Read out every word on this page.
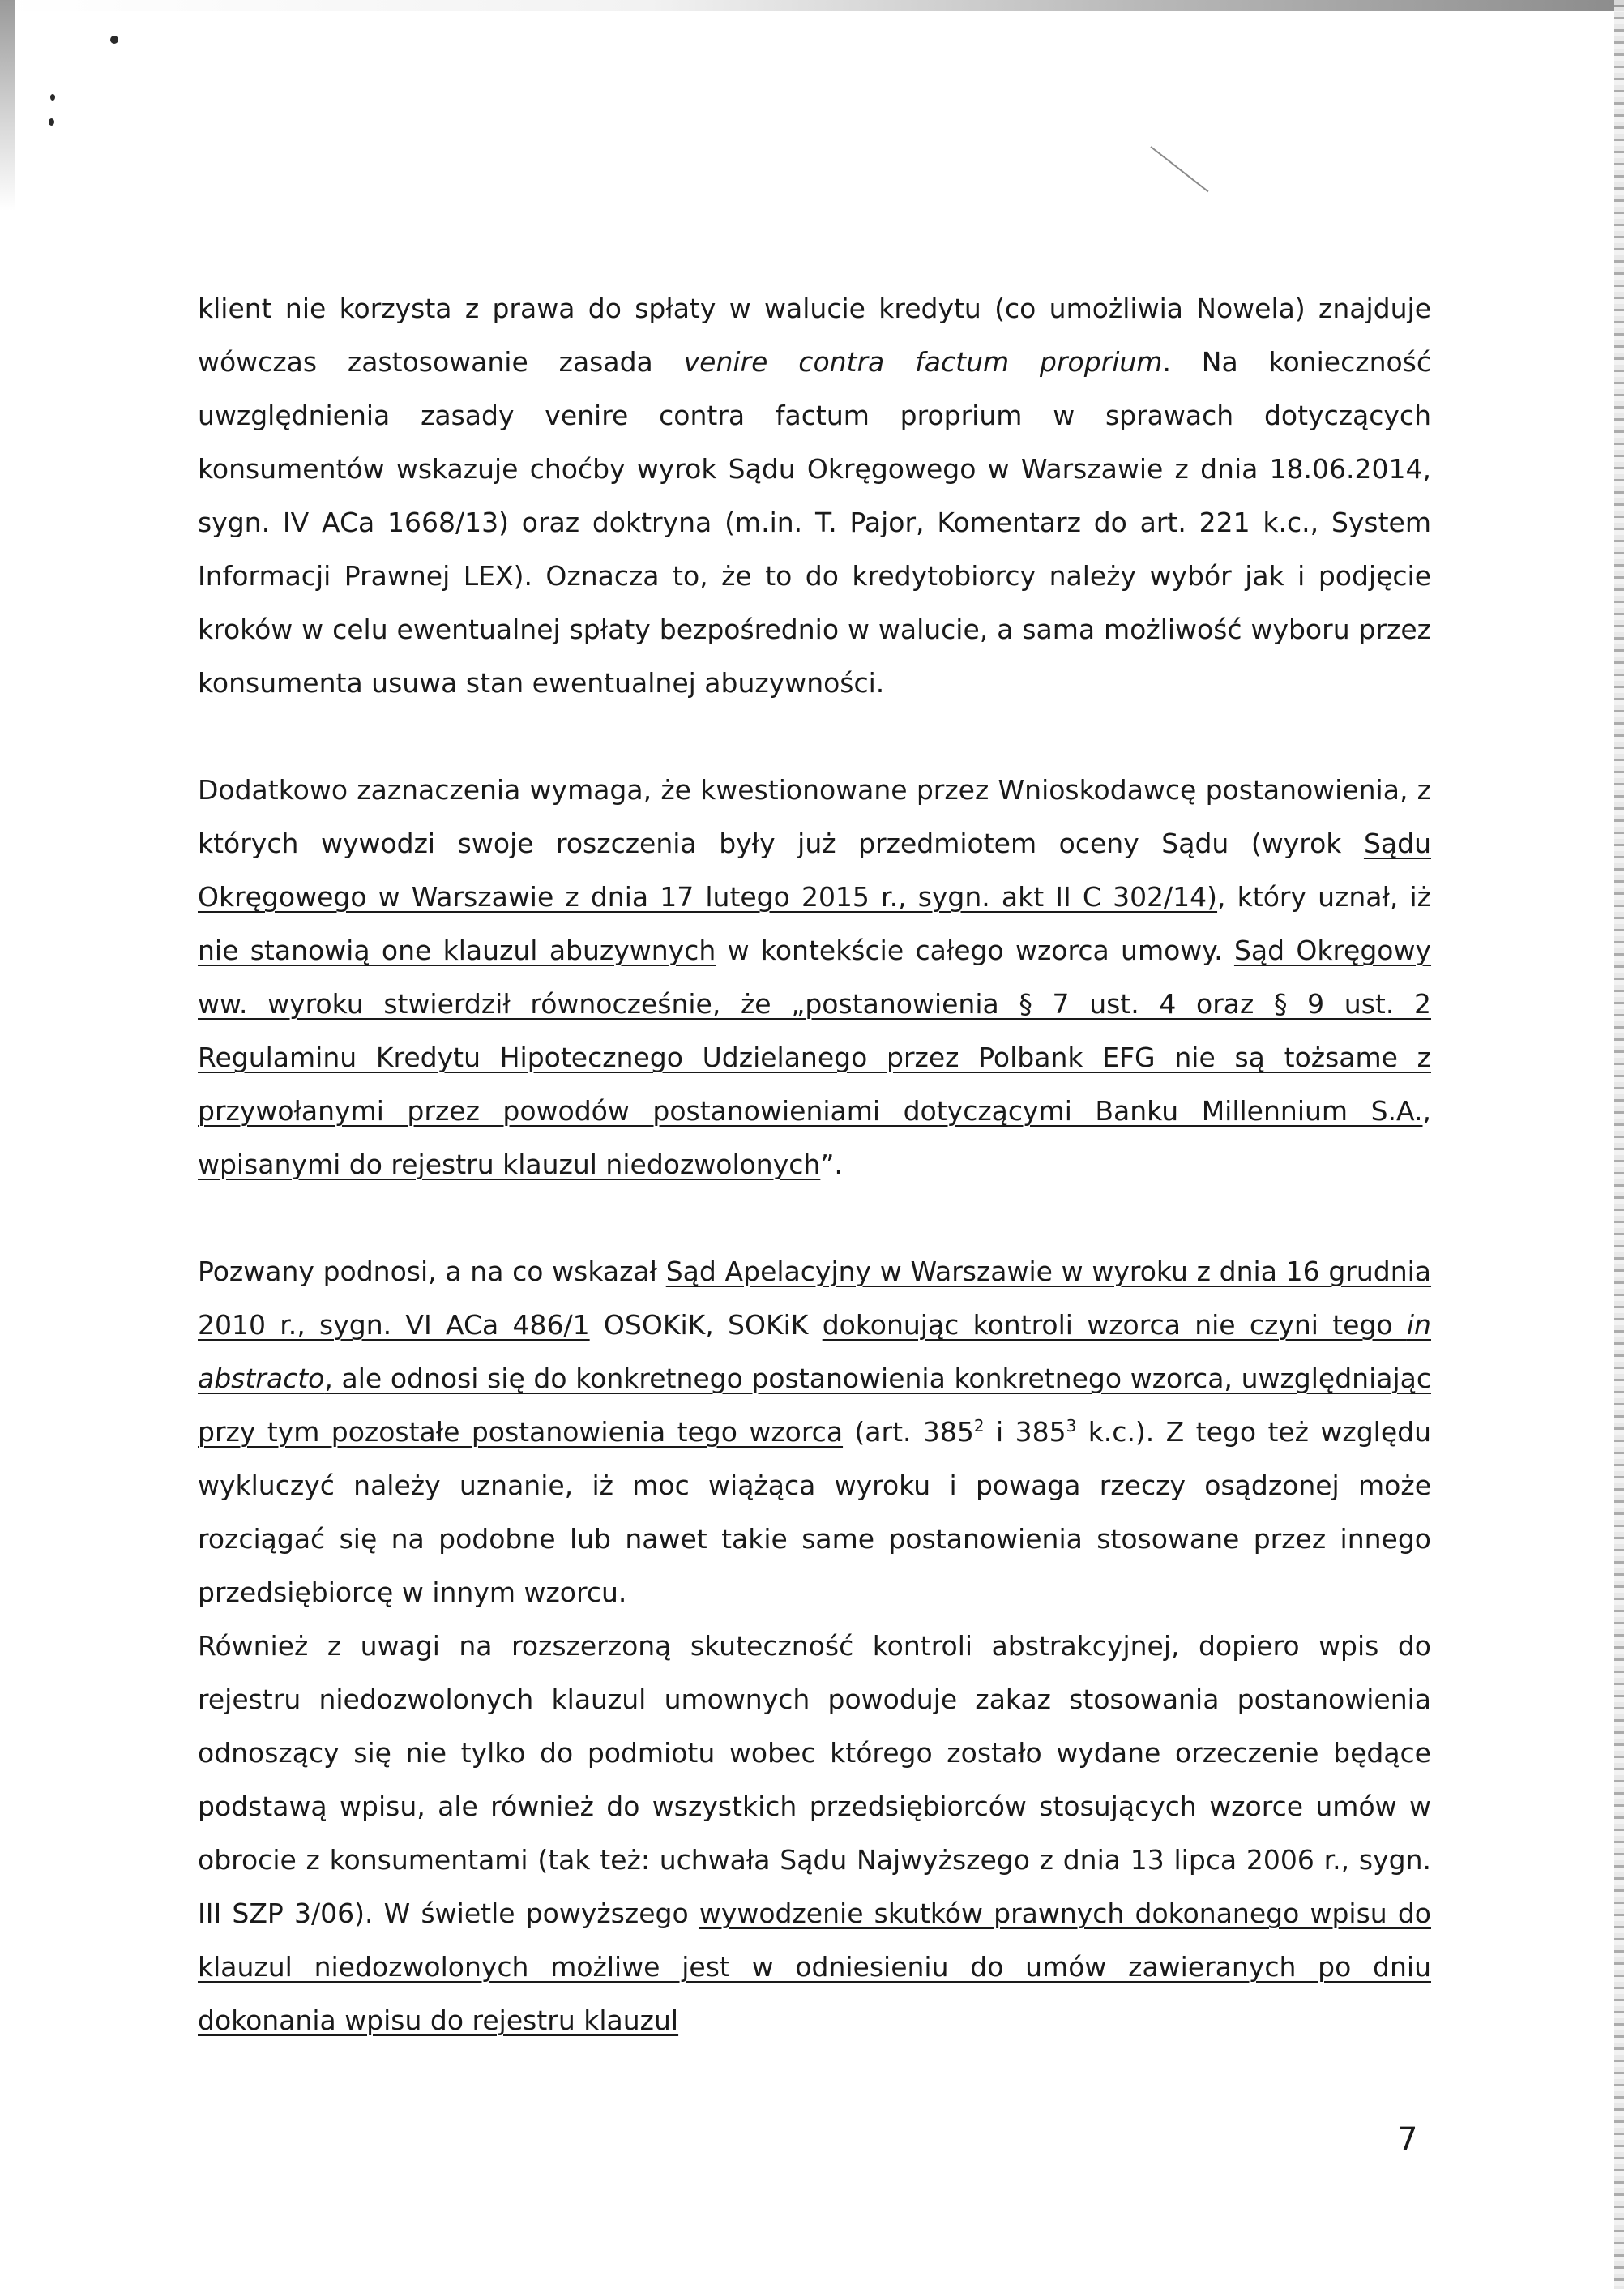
klient nie korzysta z prawa do spłaty w walucie kredytu (co umożliwia Nowela) znajduje wówczas zastosowanie zasada venire contra factum proprium. Na konieczność uwzględnienia zasady venire contra factum proprium w sprawach dotyczących konsumentów wskazuje choćby wyrok Sądu Okręgowego w Warszawie z dnia 18.06.2014, sygn. IV ACa 1668/13) oraz doktryna (m.in. T. Pajor, Komentarz do art. 221 k.c., System Informacji Prawnej LEX). Oznacza to, że to do kredytobiorcy należy wybór jak i podjęcie kroków w celu ewentualnej spłaty bezpośrednio w walucie, a sama możliwość wyboru przez konsumenta usuwa stan ewentualnej abuzywności.

Dodatkowo zaznaczenia wymaga, że kwestionowane przez Wnioskodawcę postanowienia, z których wywodzi swoje roszczenia były już przedmiotem oceny Sądu (wyrok Sądu Okręgowego w Warszawie z dnia 17 lutego 2015 r., sygn. akt II C 302/14), który uznał, iż nie stanowią one klauzul abuzywnych w kontekście całego wzorca umowy. Sąd Okręgowy ww. wyroku stwierdził równocześnie, że „postanowienia § 7 ust. 4 oraz § 9 ust. 2 Regulaminu Kredytu Hipotecznego Udzielanego przez Polbank EFG nie są tożsame z przywołanymi przez powodów postanowieniami dotyczącymi Banku Millennium S.A., wpisanymi do rejestru klauzul niedozwolonych”.

Pozwany podnosi, a na co wskazał Sąd Apelacyjny w Warszawie w wyroku z dnia 16 grudnia 2010 r., sygn. VI ACa 486/1 OSOKiK, SOKiK dokonując kontroli wzorca nie czyni tego in abstracto, ale odnosi się do konkretnego postanowienia konkretnego wzorca, uwzględniając przy tym pozostałe postanowienia tego wzorca (art. $385^2$ i $385^3$ k.c.). Z tego też względu wykluczyć należy uznanie, iż moc wiążąca wyroku i powaga rzeczy osądzonej może rozciągać się na podobne lub nawet takie same postanowienia stosowane przez innego przedsiębiorcę w innym wzorcu.

Również z uwagi na rozszerzoną skuteczność kontroli abstrakcyjnej, dopiero wpis do rejestru niedozwolonych klauzul umownych powoduje zakaz stosowania postanowienia odnoszący się nie tylko do podmiotu wobec którego zostało wydane orzeczenie będące podstawą wpisu, ale również do wszystkich przedsiębiorców stosujących wzorce umów w obrocie z konsumentami (tak też: uchwała Sądu Najwyższego z dnia 13 lipca 2006 r., sygn. III SZP 3/06). W świetle powyższego wywodzenie skutków prawnych dokonanego wpisu do klauzul niedozwolonych możliwe jest w odniesieniu do umów zawieranych po dniu dokonania wpisu do rejestru klauzul

7
